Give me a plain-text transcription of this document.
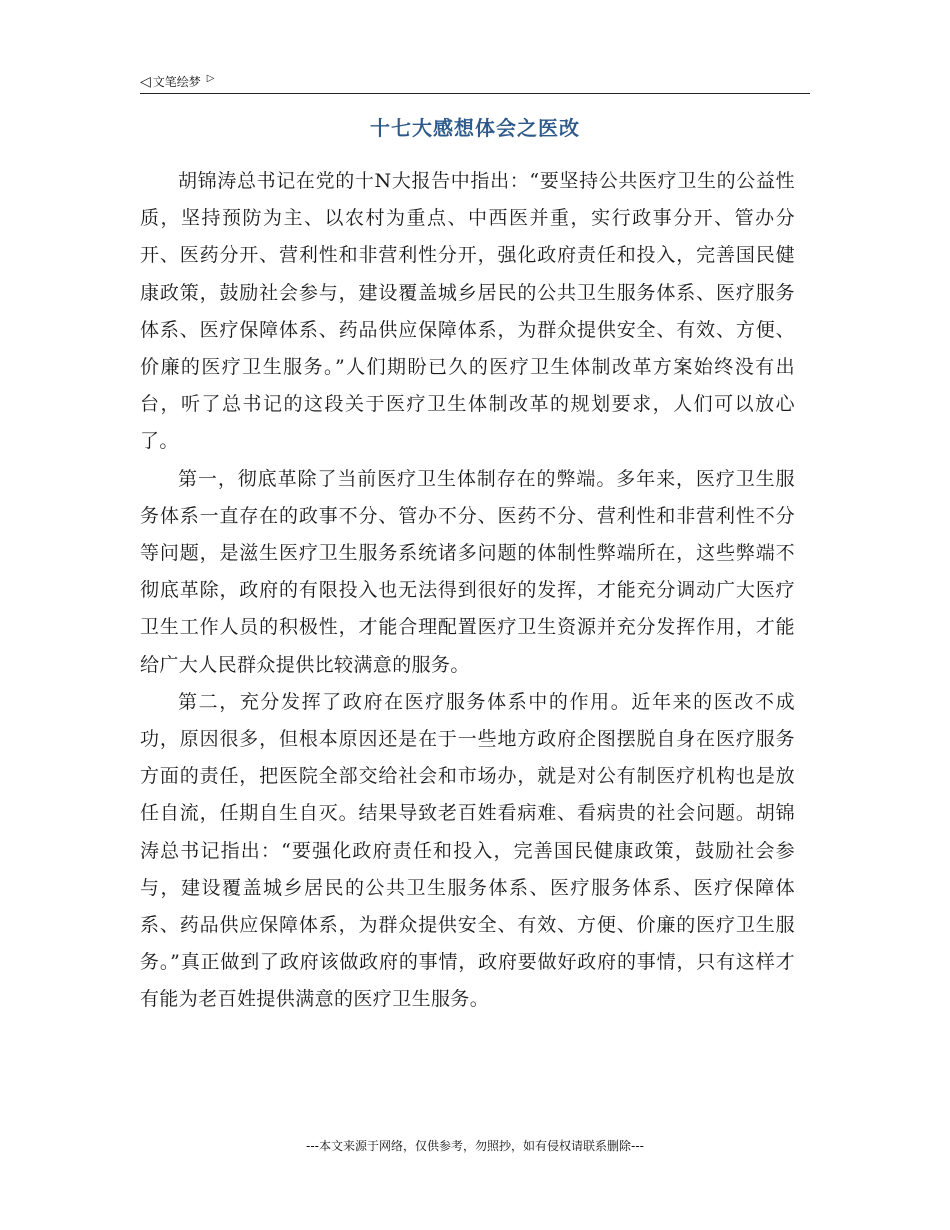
◁ 文笔绘梦 ▷
十七大感想体会之医改

胡锦涛总书记在党的十N大报告中指出：“要坚持公共医疗卫生的公益性质，坚持预防为主、以农村为重点、中西医并重，实行政事分开、管办分开、医药分开、营利性和非营利性分开，强化政府责任和投入，完善国民健康政策，鼓励社会参与，建设覆盖城乡居民的公共卫生服务体系、医疗服务体系、医疗保障体系、药品供应保障体系，为群众提供安全、有效、方便、价廉的医疗卫生服务。”人们期盼已久的医疗卫生体制改革方案始终没有出台，听了总书记的这段关于医疗卫生体制改革的规划要求，人们可以放心了。

第一，彻底革除了当前医疗卫生体制存在的弊端。多年来，医疗卫生服务体系一直存在的政事不分、管办不分、医药不分、营利性和非营利性不分等问题，是滋生医疗卫生服务系统诸多问题的体制性弊端所在，这些弊端不彻底革除，政府的有限投入也无法得到很好的发挥，才能充分调动广大医疗卫生工作人员的积极性，才能合理配置医疗卫生资源并充分发挥作用，才能给广大人民群众提供比较满意的服务。

第二，充分发挥了政府在医疗服务体系中的作用。近年来的医改不成功，原因很多，但根本原因还是在于一些地方政府企图摆脱自身在医疗服务方面的责任，把医院全部交给社会和市场办，就是对公有制医疗机构也是放任自流，任期自生自灭。结果导致老百姓看病难、看病贵的社会问题。胡锦涛总书记指出：“要强化政府责任和投入，完善国民健康政策，鼓励社会参与，建设覆盖城乡居民的公共卫生服务体系、医疗服务体系、医疗保障体系、药品供应保障体系，为群众提供安全、有效、方便、价廉的医疗卫生服务。”真正做到了政府该做政府的事情，政府要做好政府的事情，只有这样才有能为老百姓提供满意的医疗卫生服务。

---本文来源于网络，仅供参考，勿照抄，如有侵权请联系删除---
